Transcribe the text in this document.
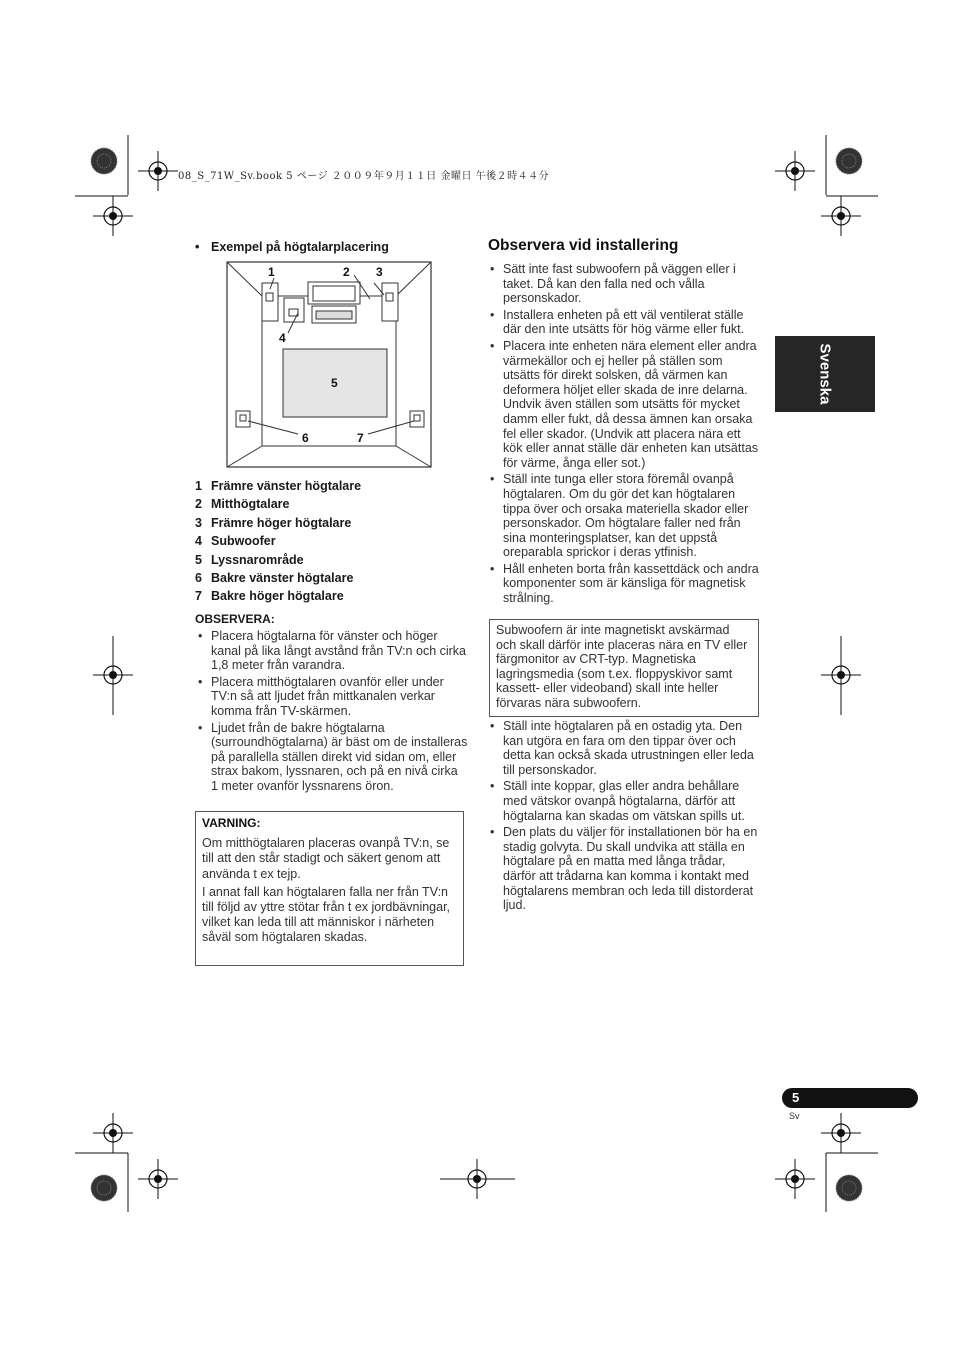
08_S_71W_Sv.book 5 ページ ２００９年９月１１日 金曜日 午後２時４４分
• Exempel på högtalarplacering
1	2 3
4
5
6	7
1 Främre vänster högtalare
2 Mitthögtalare
3 Främre höger högtalare
4 Subwoofer
5 Lyssnarområde
6 Bakre vänster högtalare
7 Bakre höger högtalare
OBSERVERA:
• Placera högtalarna för vänster och höger kanal på lika långt avstånd från TV:n och cirka 1,8 meter från varandra.
• Placera mitthögtalaren ovanför eller under TV:n så att ljudet från mittkanalen verkar komma från TV-skärmen.
• Ljudet från de bakre högtalarna (surroundhögtalarna) är bäst om de installeras på parallella ställen direkt vid sidan om, eller strax bakom, lyssnaren, och på en nivå cirka 1 meter ovanför lyssnarens öron.
VARNING:

Om mitthögtalaren placeras ovanpå TV:n, se till att den står stadigt och säkert genom att använda t ex tejp.

I annat fall kan högtalaren falla ner från TV:n till följd av yttre stötar från t ex jordbävningar, vilket kan leda till att människor i närheten såväl som högtalaren skadas.

Observera vid installering
• Sätt inte fast subwoofern på väggen eller i taket. Då kan den falla ned och vålla personskador.
• Installera enheten på ett väl ventilerat ställe där den inte utsätts för hög värme eller fukt.
• Placera inte enheten nära element eller andra värmekällor och ej heller på ställen som utsätts för direkt solsken, då värmen kan deformera höljet eller skada de inre delarna. Undvik även ställen som utsätts för mycket damm eller fukt, då dessa ämnen kan orsaka fel eller skador. (Undvik att placera nära ett kök eller annat ställe där enheten kan utsättas för värme, ånga eller sot.)
• Ställ inte tunga eller stora föremål ovanpå högtalaren. Om du gör det kan högtalaren tippa över och orsaka materiella skador eller personskador. Om högtalare faller ned från sina monteringsplatser, kan det uppstå oreparabla sprickor i deras ytfinish.
• Håll enheten borta från kassettdäck och andra komponenter som är känsliga för magnetisk strålning.
Subwoofern är inte magnetiskt avskärmad och skall därför inte placeras nära en TV eller färgmonitor av CRT-typ. Magnetiska lagringsmedia (som t.ex. floppyskivor samt kassett- eller videoband) skall inte heller förvaras nära subwoofern.
• Ställ inte högtalaren på en ostadig yta. Den kan utgöra en fara om den tippar över och detta kan också skada utrustningen eller leda till personskador.
• Ställ inte koppar, glas eller andra behållare med vätskor ovanpå högtalarna, därför att högtalarna kan skadas om vätskan spills ut.
• Den plats du väljer för installationen bör ha en stadig golvyta. Du skall undvika att ställa en högtalare på en matta med långa trådar, därför att trådarna kan komma i kontakt med högtalarens membran och leda till distorderat ljud.
Svenska
5
Sv
